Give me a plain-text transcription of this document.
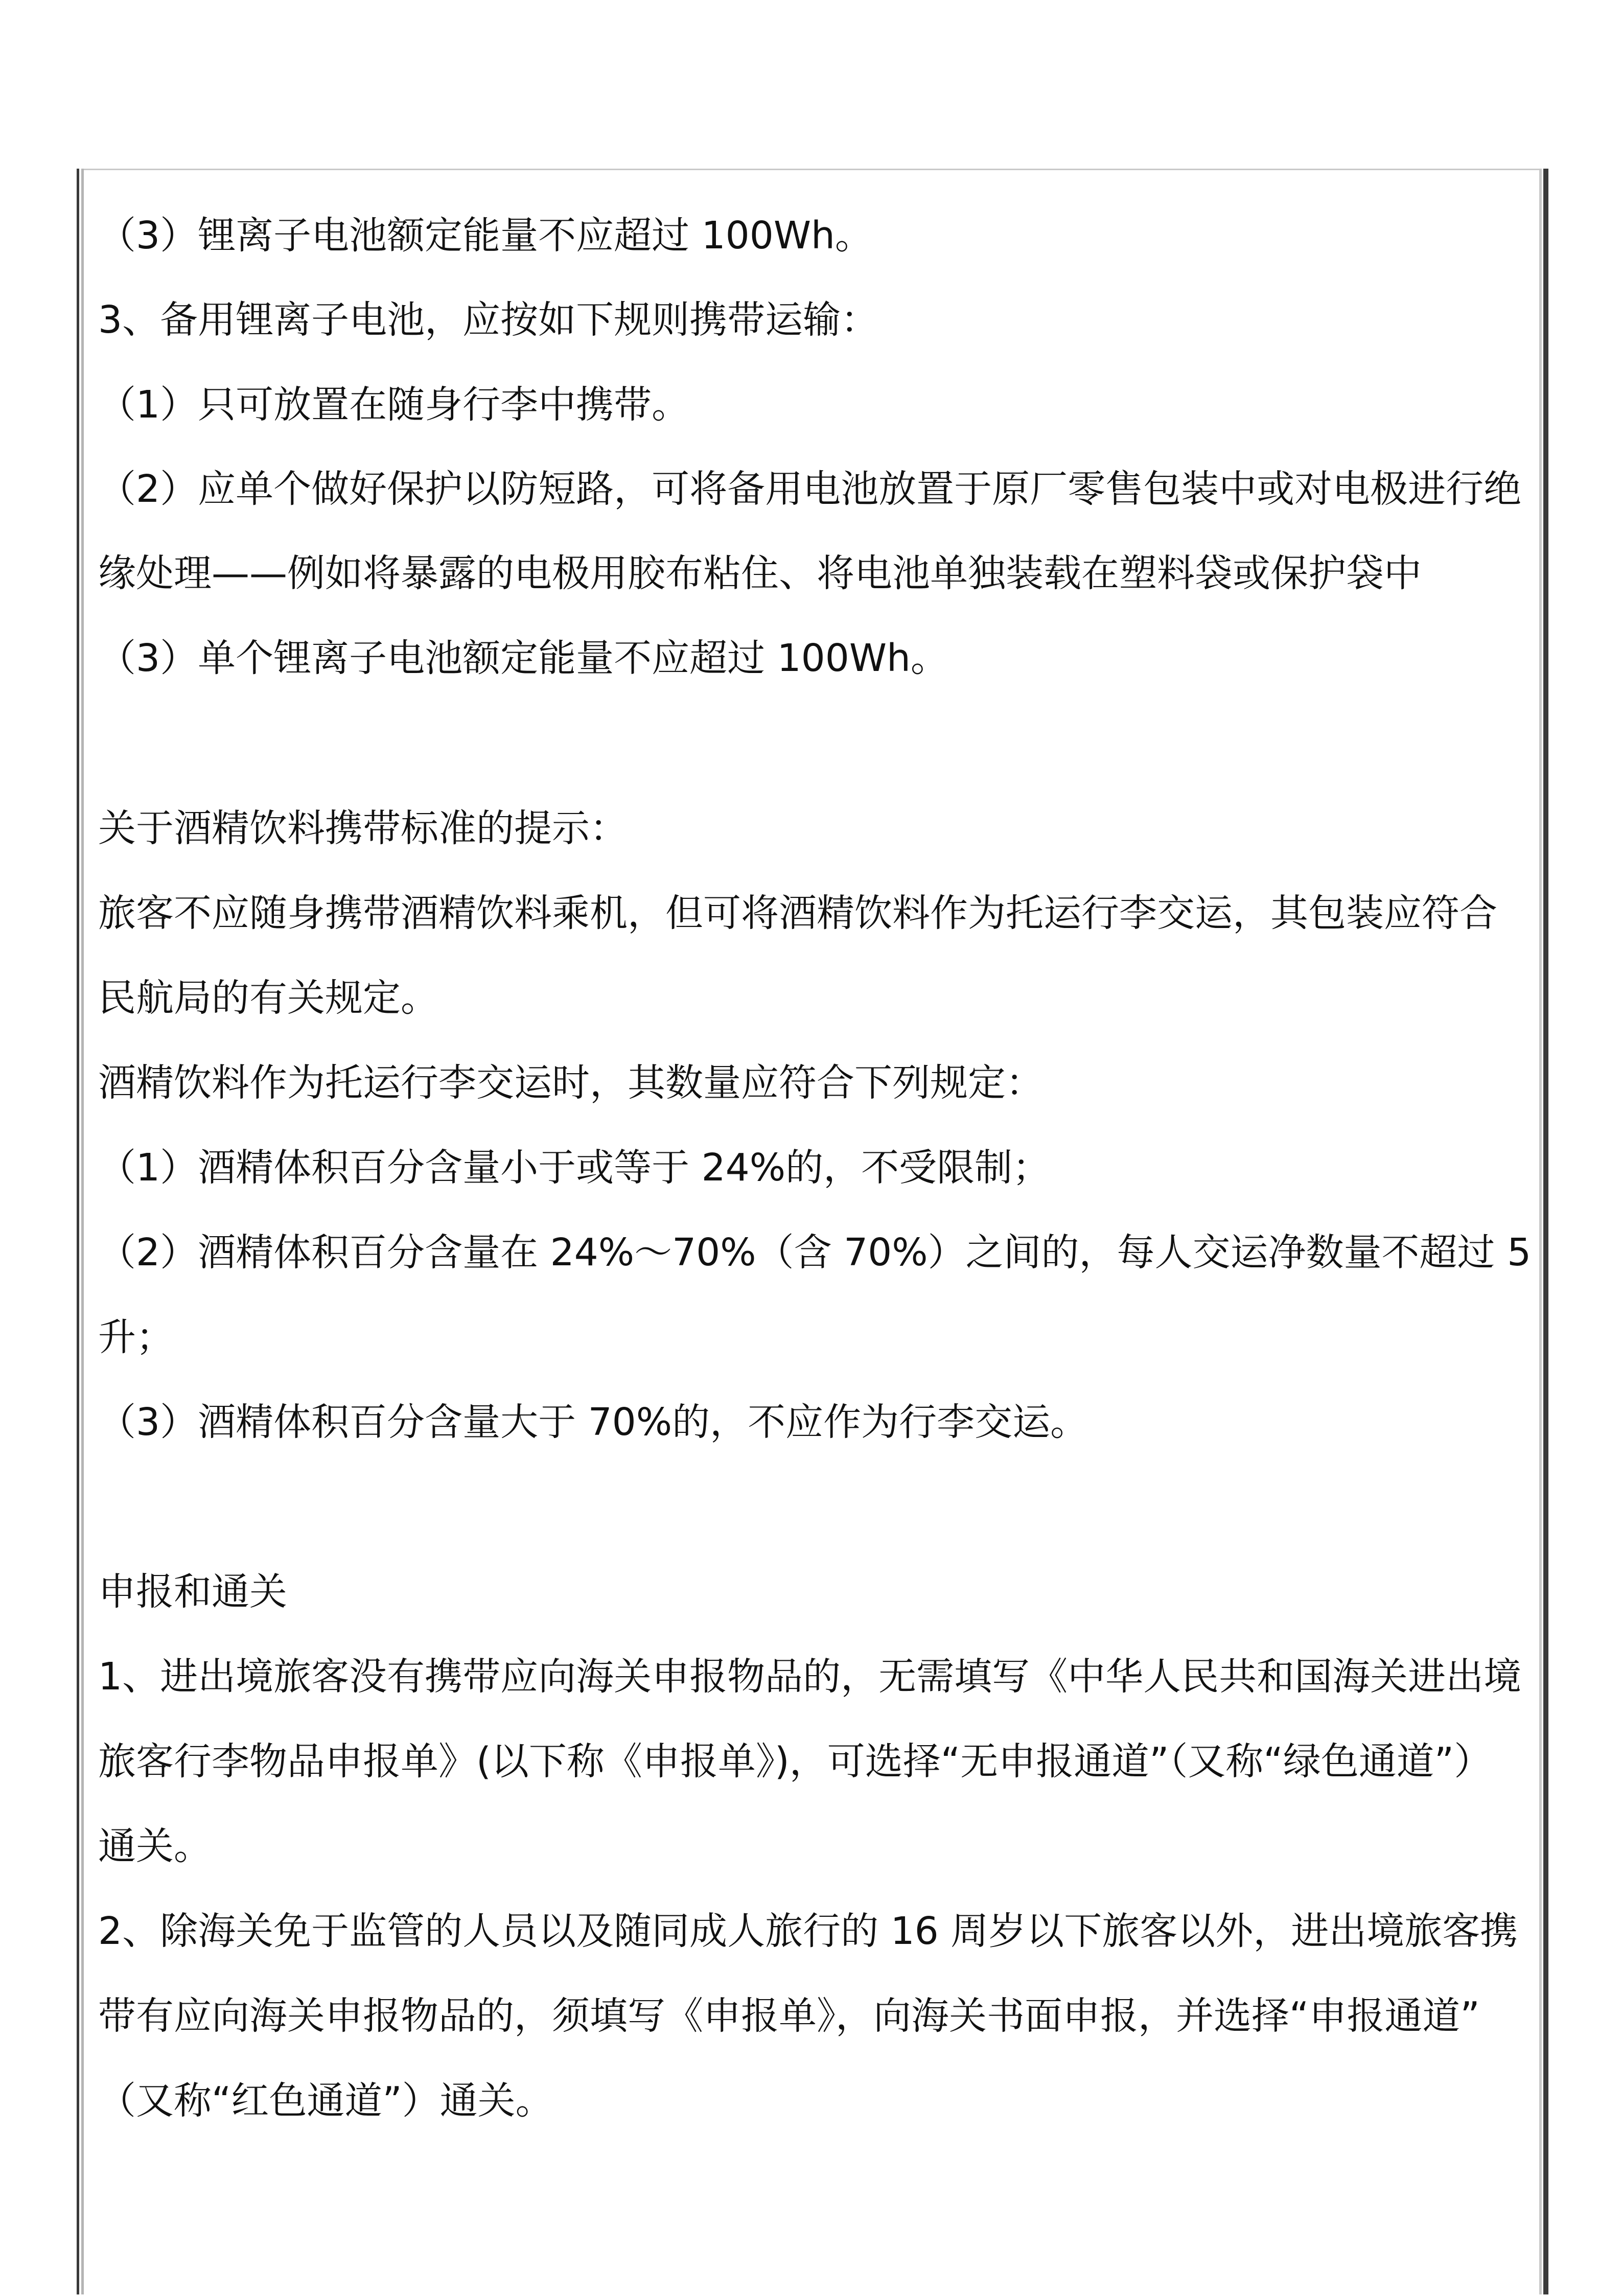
（3）锂离子电池额定能量不应超过 100Wh。
3、备用锂离子电池，应按如下规则携带运输：
（1）只可放置在随身行李中携带。
（2）应单个做好保护以防短路，可将备用电池放置于原厂零售包装中或对电极进行绝
缘处理——例如将暴露的电极用胶布粘住、将电池单独装载在塑料袋或保护袋中
（3）单个锂离子电池额定能量不应超过 100Wh。
关于酒精饮料携带标准的提示：
旅客不应随身携带酒精饮料乘机，但可将酒精饮料作为托运行李交运，其包装应符合
民航局的有关规定。
酒精饮料作为托运行李交运时，其数量应符合下列规定：
（1）酒精体积百分含量小于或等于 24%的，不受限制；
（2）酒精体积百分含量在 24%～70%（含 70%）之间的，每人交运净数量不超过 5
升；
（3）酒精体积百分含量大于 70%的，不应作为行李交运。
申报和通关
1、进出境旅客没有携带应向海关申报物品的，无需填写《中华人民共和国海关进出境
旅客行李物品申报单》(以下称《申报单》)，可选择“无申报通道”（又称“绿色通道”）
通关。
2、除海关免于监管的人员以及随同成人旅行的 16 周岁以下旅客以外，进出境旅客携
带有应向海关申报物品的，须填写《申报单》，向海关书面申报，并选择“申报通道”
（又称“红色通道”）通关。
